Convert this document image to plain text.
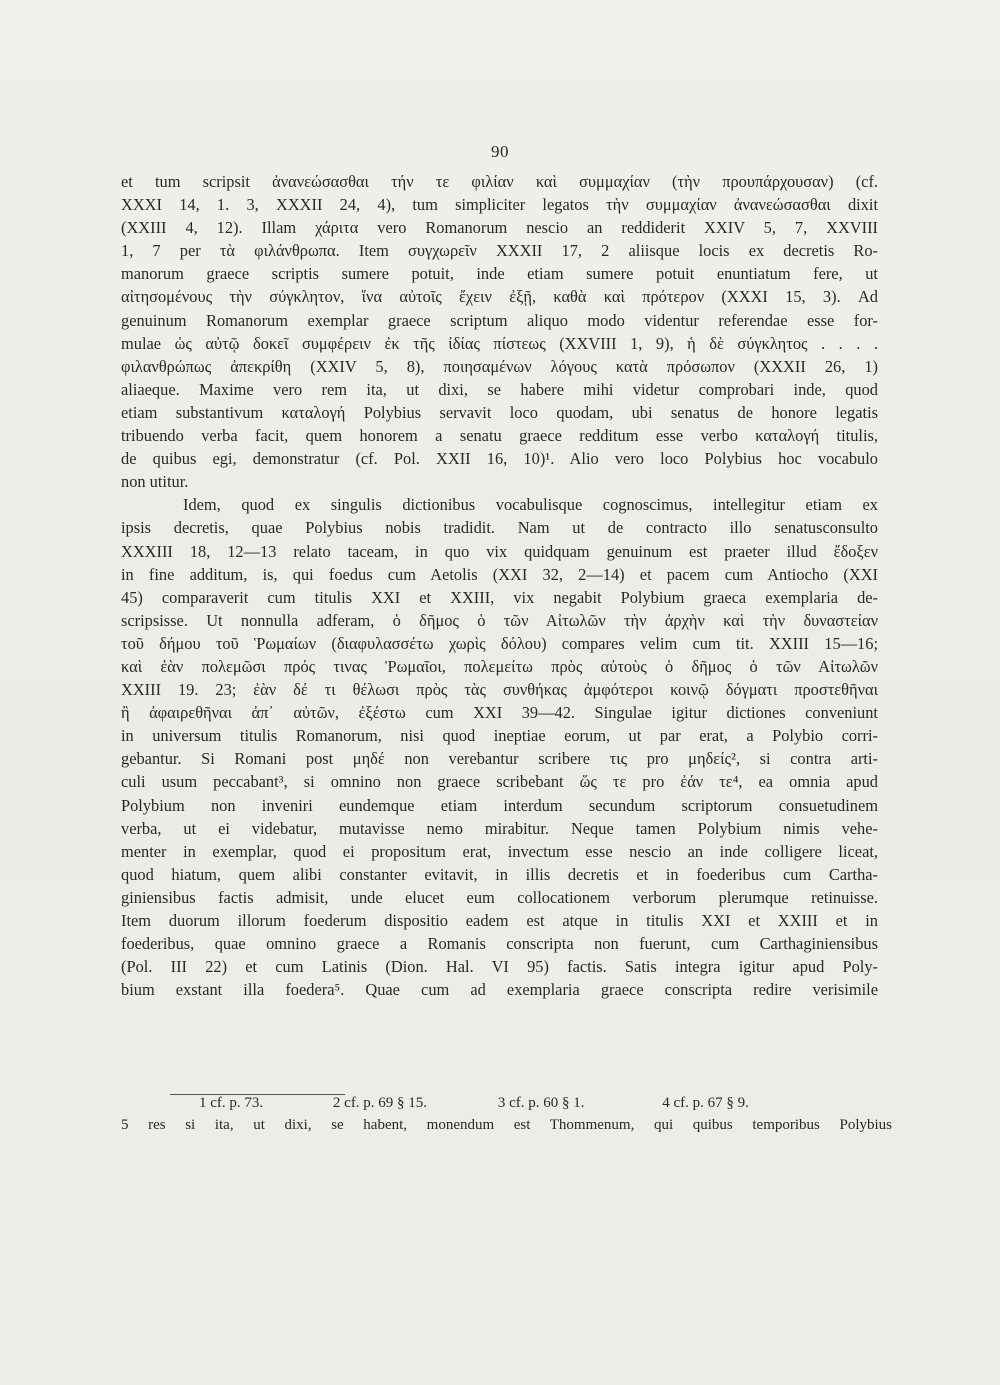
90
et tum scripsit ἀνανεώσασθαι τήν τε φιλίαν καὶ συμμαχίαν (τὴν προυπάρχουσαν) (cf.
XXXI 14, 1. 3, XXXII 24, 4), tum simpliciter legatos τὴν συμμαχίαν ἀνανεώσασθαι dixit
(XXIII 4, 12). Illam χάριτα vero Romanorum nescio an reddiderit XXIV 5, 7, XXVIII
1, 7 per τὰ φιλάνθρωπα. Item συγχωρεῖν XXXII 17, 2 aliisque locis ex decretis Ro-
manorum graece scriptis sumere potuit, inde etiam sumere potuit enuntiatum fere, ut
αἰτησομένους τὴν σύγκλητον, ἵνα αὐτοῖς ἔχειν ἐξῇ, καθὰ καὶ πρότερον (XXXI 15, 3). Ad
genuinum Romanorum exemplar graece scriptum aliquo modo videntur referendae esse for-
mulae ὡς αὐτῷ δοκεῖ συμφέρειν ἐκ τῆς ἰδίας πίστεως (XXVIII 1, 9), ἡ δὲ σύγκλητος . . . .
φιλανθρώπως ἀπεκρίθη (XXIV 5, 8), ποιησαμένων λόγους κατὰ πρόσωπον (XXXII 26, 1)
aliaeque. Maxime vero rem ita, ut dixi, se habere mihi videtur comprobari inde, quod
etiam substantivum καταλογή Polybius servavit loco quodam, ubi senatus de honore legatis
tribuendo verba facit, quem honorem a senatu graece redditum esse verbo καταλογή titulis,
de quibus egi, demonstratur (cf. Pol. XXII 16, 10)¹. Alio vero loco Polybius hoc vocabulo
non utitur.
Idem, quod ex singulis dictionibus vocabulisque cognoscimus, intellegitur etiam ex
ipsis decretis, quae Polybius nobis tradidit. Nam ut de contracto illo senatusconsulto
XXXIII 18, 12—13 relato taceam, in quo vix quidquam genuinum est praeter illud ἔδοξεν
in fine additum, is, qui foedus cum Aetolis (XXI 32, 2—14) et pacem cum Antiocho (XXI
45) comparaverit cum titulis XXI et XXIII, vix negabit Polybium graeca exemplaria de-
scripsisse. Ut nonnulla adferam, ὁ δῆμος ὁ τῶν Αἰτωλῶν τὴν ἀρχὴν καὶ τὴν δυναστείαν
τοῦ δήμου τοῦ Ῥωμαίων (διαφυλασσέτω χωρὶς δόλου) compares velim cum tit. XXIII 15—16;
καὶ ἐὰν πολεμῶσι πρός τινας Ῥωμαῖοι, πολεμείτω πρὸς αὐτοὺς ὁ δῆμος ὁ τῶν Αἰτωλῶν
XXIII 19. 23; ἐὰν δέ τι θέλωσι πρὸς τὰς συνθήκας ἀμφότεροι κοινῷ δόγματι προστεθῆναι
ἢ ἀφαιρεθῆναι ἀπ᾽ αὐτῶν, ἐξέστω cum XXI 39—42. Singulae igitur dictiones conveniunt
in universum titulis Romanorum, nisi quod ineptiae eorum, ut par erat, a Polybio corri-
gebantur. Si Romani post μηδέ non verebantur scribere τις pro μηδείς², si contra arti-
culi usum peccabant³, si omnino non graece scribebant ὥς τε pro ἐάν τε⁴, ea omnia apud
Polybium non inveniri eundemque etiam interdum secundum scriptorum consuetudinem
verba, ut ei videbatur, mutavisse nemo mirabitur. Neque tamen Polybium nimis vehe-
menter in exemplar, quod ei propositum erat, invectum esse nescio an inde colligere liceat,
quod hiatum, quem alibi constanter evitavit, in illis decretis et in foederibus cum Cartha-
giniensibus factis admisit, unde elucet eum collocationem verborum plerumque retinuisse.
Item duorum illorum foederum dispositio eadem est atque in titulis XXI et XXIII et in
foederibus, quae omnino graece a Romanis conscripta non fuerunt, cum Carthaginiensibus
(Pol. III 22) et cum Latinis (Dion. Hal. VI 95) factis. Satis integra igitur apud Poly-
bium exstant illa foedera⁵. Quae cum ad exemplaria graece conscripta redire verisimile
1 cf. p. 73.	2 cf. p. 69 § 15.	3 cf. p. 60 § 1.	4 cf. p. 67 § 9.
5 res si ita, ut dixi, se habent, monendum est Thommenum, qui quibus temporibus Polybius
